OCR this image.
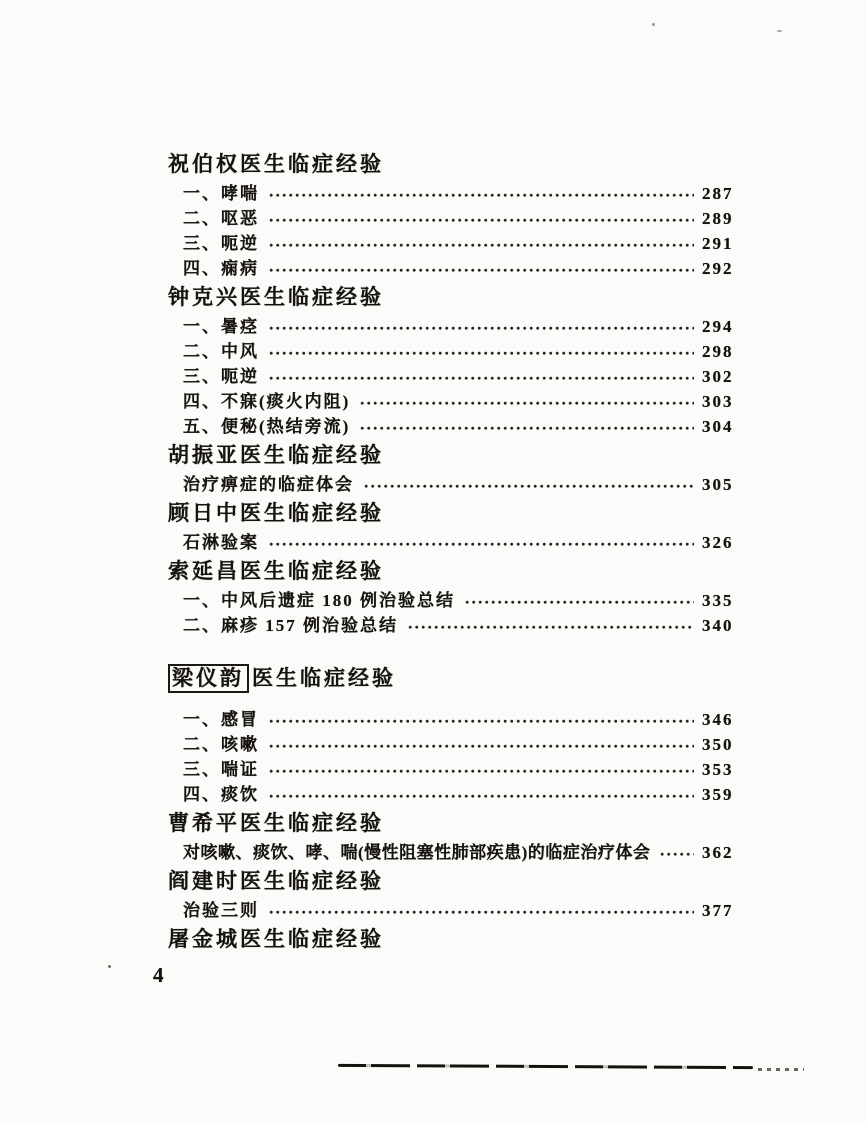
祝伯权医生临症经验
一、哮喘	287
二、呕恶	289
三、呃逆	291
四、痫病	292
钟克兴医生临症经验
一、暑痉	294
二、中风	298
三、呃逆	302
四、不寐(痰火内阻)	303
五、便秘(热结旁流)	304
胡振亚医生临症经验
治疗痹症的临症体会	305
顾日中医生临症经验
石淋验案	326
索延昌医生临症经验
一、中风后遗症 180 例治验总结	335
二、麻疹 157 例治验总结	340
梁仪韵 医生临症经验
一、感冒	346
二、咳嗽	350
三、喘证	353
四、痰饮	359
曹希平医生临症经验
对咳嗽、痰饮、哮、喘(慢性阻塞性肺部疾患)的临症治疗体会	362
阎建时医生临症经验
治验三则	377
屠金城医生临症经验
4
